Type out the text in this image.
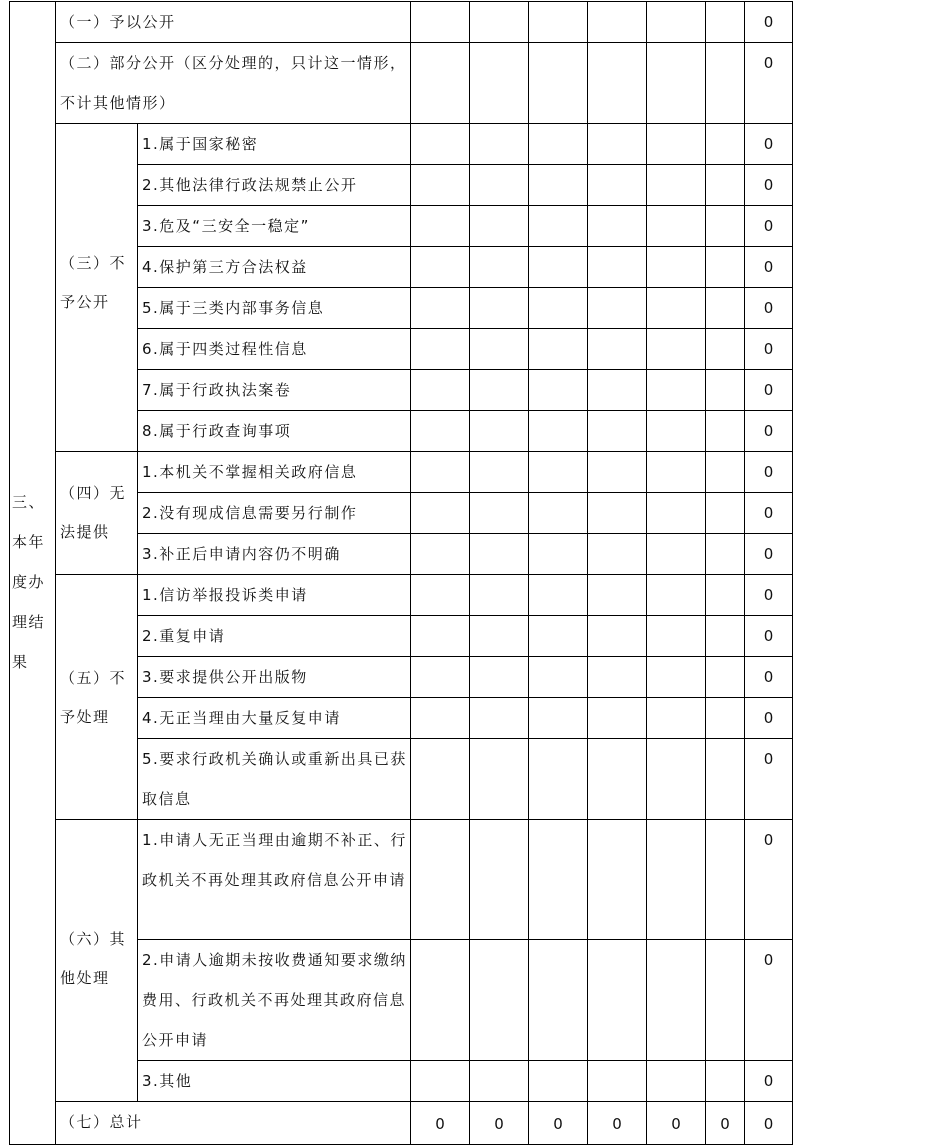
三、本年度办理结果	（一）予以公开								0
	（二）部分公开（区分处理的，只计这一情形，不计其他情形）								0

	（三）不予公开	1.属于国家秘密							0
		2.其他法律行政法规禁止公开							0
		3.危及“三安全一稳定”							0
		4.保护第三方合法权益							0
		5.属于三类内部事务信息							0
		6.属于四类过程性信息							0
		7.属于行政执法案卷							0
		8.属于行政查询事项							0

	（四）无法提供	1.本机关不掌握相关政府信息							0
		2.没有现成信息需要另行制作							0
		3.补正后申请内容仍不明确							0

	（五）不予处理	1.信访举报投诉类申请							0
		2.重复申请							0
		3.要求提供公开出版物							0
		4.无正当理由大量反复申请							0
		5.要求行政机关确认或重新出具已获取信息							0

	（六）其他处理	1.申请人无正当理由逾期不补正、行政机关不再处理其政府信息公开申请							0
		2.申请人逾期未按收费通知要求缴纳费用、行政机关不再处理其政府信息公开申请							0
		3.其他							0
	（七）总计		0	0	0	0	0	0	0
